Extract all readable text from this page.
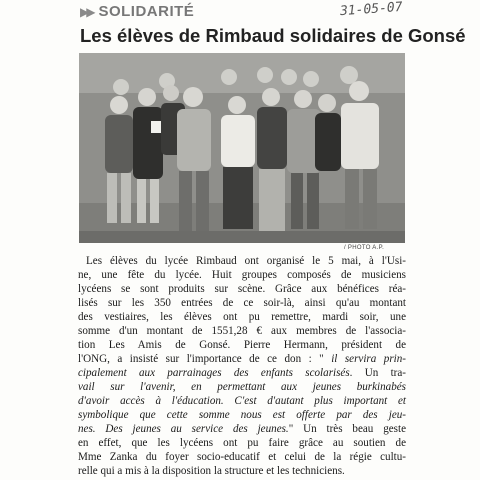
▶▶ SOLIDARITÉ	31-05-07
Les élèves de Rimbaud solidaires de Gonsé
/ PHOTO A.P.
Les élèves du lycée Rimbaud ont organisé le 5 mai, à l'Usi-
ne, une fête du lycée. Huit groupes composés de musiciens
lycéens se sont produits sur scène. Grâce aux bénéfices réa-
lisés sur les 350 entrées de ce soir-là, ainsi qu'au montant
des vestiaires, les élèves ont pu remettre, mardi soir, une
somme d'un montant de 1551,28 € aux membres de l'associa-
tion Les Amis de Gonsé. Pierre Hermann, président de
l'ONG, a insisté sur l'importance de ce don : " il servira prin-
cipalement aux parrainages des enfants scolarisés. Un tra-
vail sur l'avenir, en permettant aux jeunes burkinabés
d'avoir accès à l'éducation. C'est d'autant plus important et
symbolique que cette somme nous est offerte par des jeu-
nes. Des jeunes au service des jeunes." Un très beau geste
en effet, que les lycéens ont pu faire grâce au soutien de
Mme Zanka du foyer socio-educatif et celui de la régie cultu-
relle qui a mis à la disposition la structure et les techniciens.
